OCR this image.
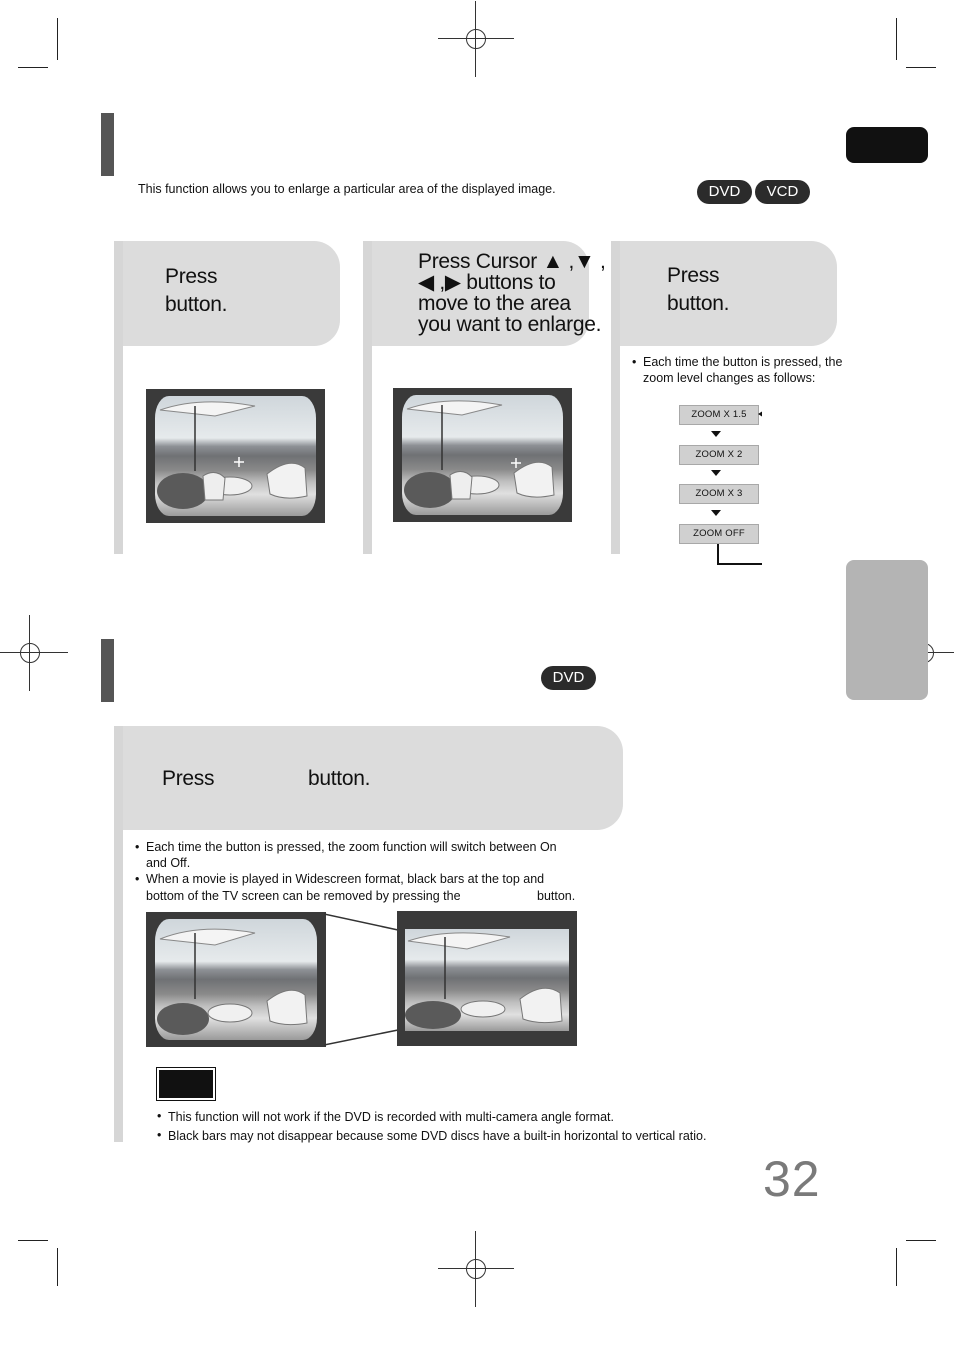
This function allows you to enlarge a particular area of the displayed image.	DVD	VCD
Press
button.
Press Cursor ▲ ,▼ ,
◀ ,▶ buttons to
move to the area
you want to enlarge.
Press
button.
• Each time the button is pressed, the
zoom level changes as follows:
ZOOM X 1.5
ZOOM X 2
ZOOM X 3
ZOOM OFF
DVD
Press	button.
• Each time the button is pressed, the zoom function will switch between On
and Off.
• When a movie is played in Widescreen format, black bars at the top and
bottom of the TV screen can be removed by pressing the	button.
• This function will not work if the DVD is recorded with multi-camera angle format.
• Black bars may not disappear because some DVD discs have a built-in horizontal to vertical ratio.
32
